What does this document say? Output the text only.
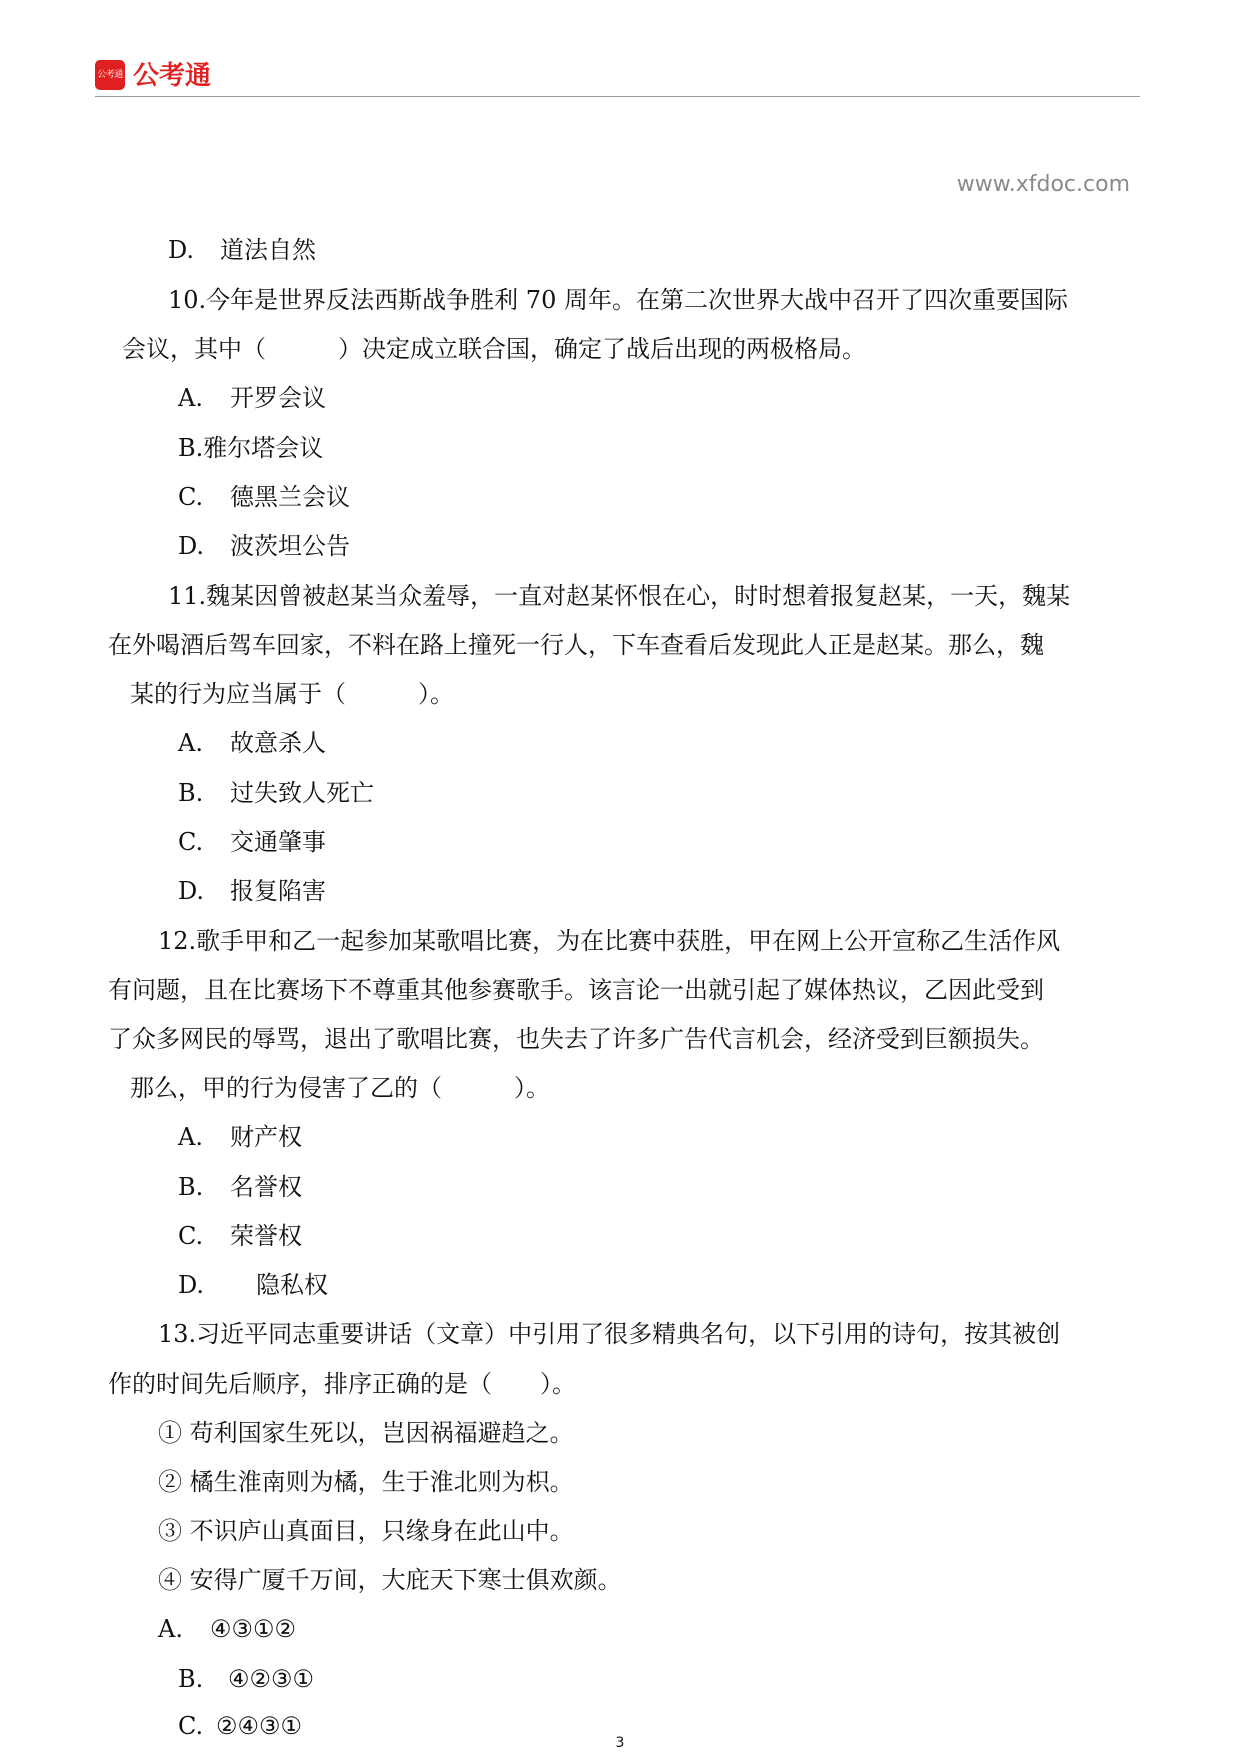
公考通 公考通
www.xfdoc.com
D. 道法自然
10.今年是世界反法西斯战争胜利 70 周年。在第二次世界大战中召开了四次重要国际
会议，其中（　　　）决定成立联合国，确定了战后出现的两极格局。
A. 开罗会议
B.雅尔塔会议
C. 德黑兰会议
D. 波茨坦公告
11.魏某因曾被赵某当众羞辱，一直对赵某怀恨在心，时时想着报复赵某，一天，魏某
在外喝酒后驾车回家，不料在路上撞死一行人，下车查看后发现此人正是赵某。那么，魏
某的行为应当属于（　　　）。
A. 故意杀人
B. 过失致人死亡
C. 交通肇事
D. 报复陷害
12.歌手甲和乙一起参加某歌唱比赛，为在比赛中获胜，甲在网上公开宣称乙生活作风
有问题，且在比赛场下不尊重其他参赛歌手。该言论一出就引起了媒体热议，乙因此受到
了众多网民的辱骂，退出了歌唱比赛，也失去了许多广告代言机会，经济受到巨额损失。
那么，甲的行为侵害了乙的（　　　）。
A. 财产权
B. 名誉权
C. 荣誉权
D. 隐私权
13.习近平同志重要讲话（文章）中引用了很多精典名句，以下引用的诗句，按其被创
作的时间先后顺序，排序正确的是（　　）。
① 苟利国家生死以，岂因祸福避趋之。
② 橘生淮南则为橘，生于淮北则为枳。
③ 不识庐山真面目，只缘身在此山中。
④ 安得广厦千万间，大庇天下寒士俱欢颜。
A. ④③①②
B. ④②③①
C. ②④③①
3
